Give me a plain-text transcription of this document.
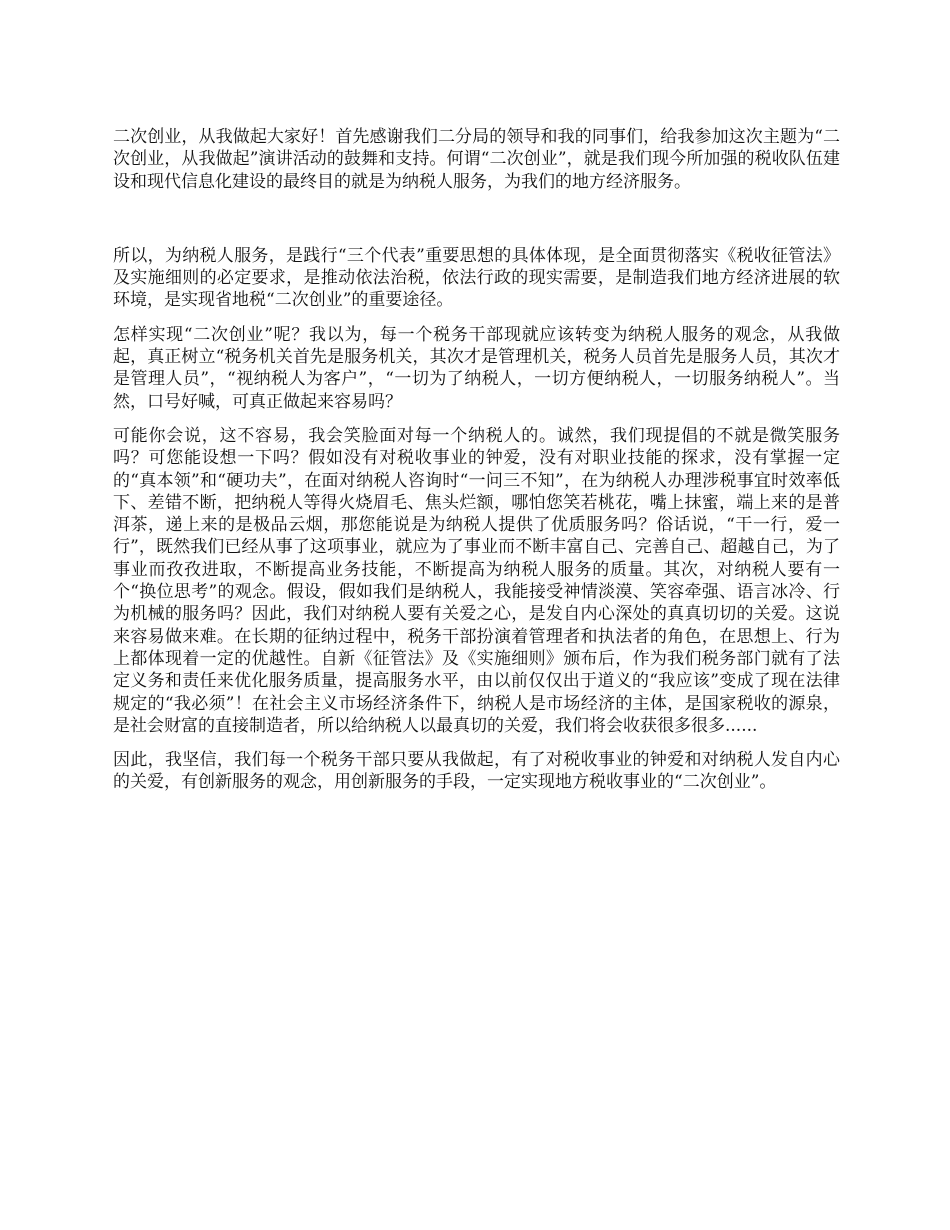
二次创业，从我做起大家好！首先感谢我们二分局的领导和我的同事们，给我参加这次主题为“二次创业，从我做起”演讲活动的鼓舞和支持。何谓“二次创业”，就是我们现今所加强的税收队伍建设和现代信息化建设的最终目的就是为纳税人服务，为我们的地方经济服务。

所以，为纳税人服务，是践行“三个代表”重要思想的具体体现，是全面贯彻落实《税收征管法》及实施细则的必定要求，是推动依法治税，依法行政的现实需要，是制造我们地方经济进展的软环境，是实现省地税“二次创业”的重要途径。

怎样实现“二次创业”呢？我以为，每一个税务干部现就应该转变为纳税人服务的观念，从我做起，真正树立“税务机关首先是服务机关，其次才是管理机关，税务人员首先是服务人员，其次才是管理人员”，“视纳税人为客户”，“一切为了纳税人，一切方便纳税人，一切服务纳税人”。当然，口号好喊，可真正做起来容易吗？

可能你会说，这不容易，我会笑脸面对每一个纳税人的。诚然，我们现提倡的不就是微笑服务吗？可您能设想一下吗？假如没有对税收事业的钟爱，没有对职业技能的探求，没有掌握一定的“真本领”和“硬功夫”，在面对纳税人咨询时“一问三不知”，在为纳税人办理涉税事宜时效率低下、差错不断，把纳税人等得火烧眉毛、焦头烂额，哪怕您笑若桃花，嘴上抹蜜，端上来的是普洱茶，递上来的是极品云烟，那您能说是为纳税人提供了优质服务吗？俗话说，“干一行，爱一行”，既然我们已经从事了这项事业，就应为了事业而不断丰富自己、完善自己、超越自己，为了事业而孜孜进取，不断提高业务技能，不断提高为纳税人服务的质量。其次，对纳税人要有一个“换位思考”的观念。假设，假如我们是纳税人，我能接受神情淡漠、笑容牵强、语言冰冷、行为机械的服务吗？因此，我们对纳税人要有关爱之心，是发自内心深处的真真切切的关爱。这说来容易做来难。在长期的征纳过程中，税务干部扮演着管理者和执法者的角色，在思想上、行为上都体现着一定的优越性。自新《征管法》及《实施细则》颁布后，作为我们税务部门就有了法定义务和责任来优化服务质量，提高服务水平，由以前仅仅出于道义的“我应该”变成了现在法律规定的“我必须”！在社会主义市场经济条件下，纳税人是市场经济的主体，是国家税收的源泉，是社会财富的直接制造者，所以给纳税人以最真切的关爱，我们将会收获很多很多......

因此，我坚信，我们每一个税务干部只要从我做起，有了对税收事业的钟爱和对纳税人发自内心的关爱，有创新服务的观念，用创新服务的手段，一定实现地方税收事业的“二次创业”。
